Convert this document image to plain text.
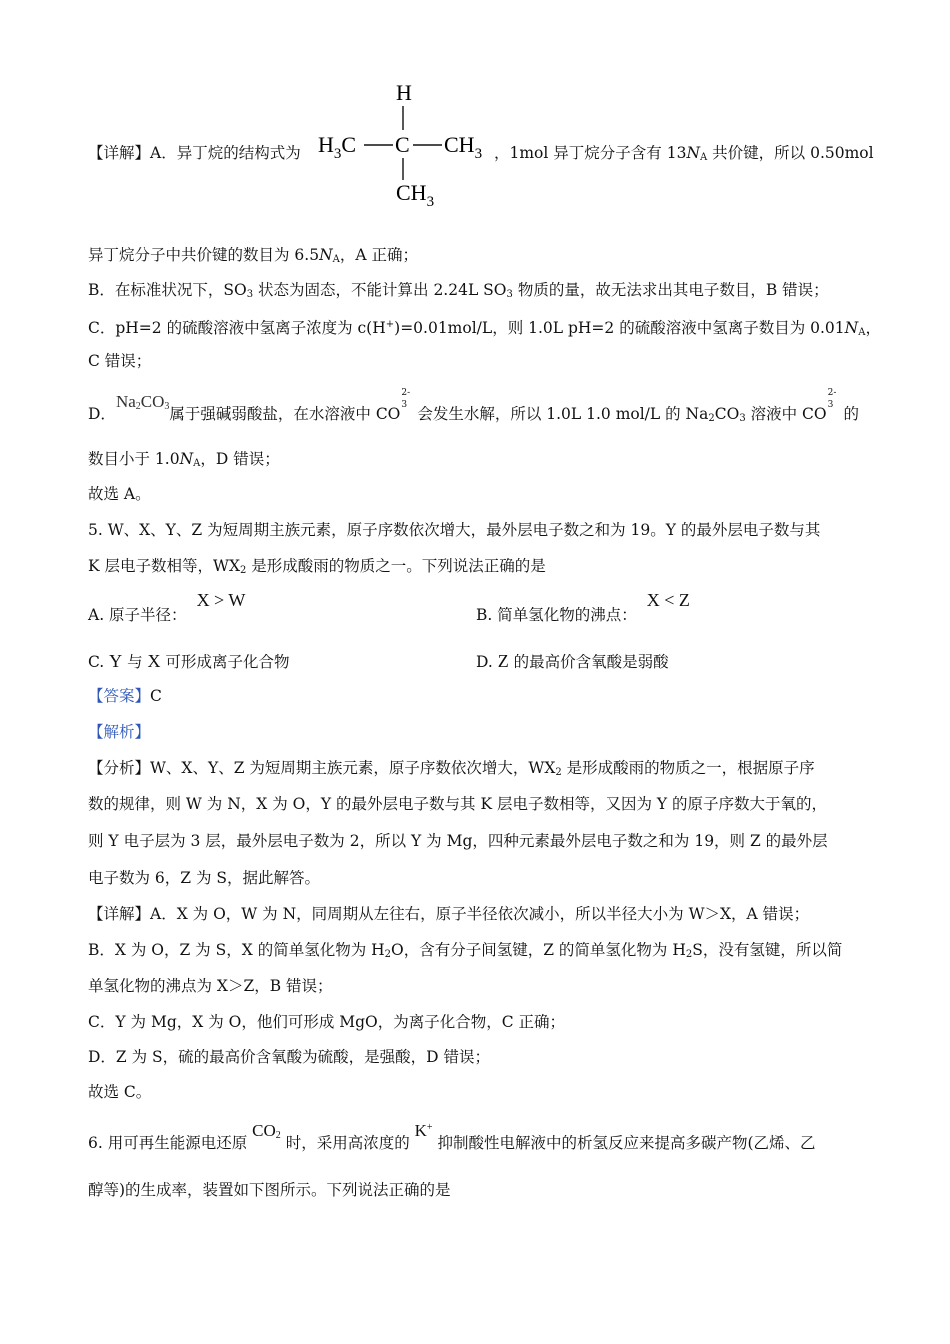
【详解】A．异丁烷的结构式为
H
$H_3C$ C $CH_3$
$CH_3$
，1mol 异丁烷分子含有 $13N_A$ 共价键，所以 0.50mol
异丁烷分子中共价键的数目为 $6.5N_A$，A 正确；
B．在标准状况下，$SO_3$ 状态为固态，不能计算出 2.24L $SO_3$ 物质的量，故无法求出其电子数目，B 错误；
C．pH=2 的硫酸溶液中氢离子浓度为 c(H+)=0.01mol/L，则 1.0L pH=2 的硫酸溶液中氢离子数目为 $0.01N_A$，
C 错误；
D．$Na_2CO_3$属于强碱弱酸盐，在水溶液中 CO
2-
3 会发生水解，所以 1.0L 1.0 mol/L 的 $Na_2CO_3$ 溶液中 CO
2-
3 的
数目小于 $1.0N_A$，D 错误；
故选 A。
5. W、X、Y、Z 为短周期主族元素，原子序数依次增大，最外层电子数之和为 19。Y 的最外层电子数与其
K 层电子数相等，$WX_2$ 是形成酸雨的物质之一。下列说法正确的是
A. 原子半径：X > W
B. 简单氢化物的沸点：X < Z
C. Y 与 X 可形成离子化合物	D. Z 的最高价含氧酸是弱酸
【答案】C
【解析】
【分析】W、X、Y、Z 为短周期主族元素，原子序数依次增大，$WX_2$ 是形成酸雨的物质之一，根据原子序
数的规律，则 W 为 N，X 为 O，Y 的最外层电子数与其 K 层电子数相等，又因为 Y 的原子序数大于氧的，
则 Y 电子层为 3 层，最外层电子数为 2，所以 Y 为 Mg，四种元素最外层电子数之和为 19，则 Z 的最外层
电子数为 6，Z 为 S，据此解答。
【详解】A．X 为 O，W 为 N，同周期从左往右，原子半径依次减小，所以半径大小为 W＞X，A 错误；
B．X 为 O，Z 为 S，X 的简单氢化物为 $H_2O$，含有分子间氢键，Z 的简单氢化物为 $H_2S$，没有氢键，所以简
单氢化物的沸点为 X＞Z，B 错误；
C．Y 为 Mg，X 为 O，他们可形成 MgO，为离子化合物，C 正确；
D．Z 为 S，硫的最高价含氧酸为硫酸，是强酸，D 错误；
故选 C。
6. 用可再生能源电还原 $CO_2$ 时，采用高浓度的 K+ 抑制酸性电解液中的析氢反应来提高多碳产物(乙烯、乙
醇等)的生成率，装置如下图所示。下列说法正确的是
